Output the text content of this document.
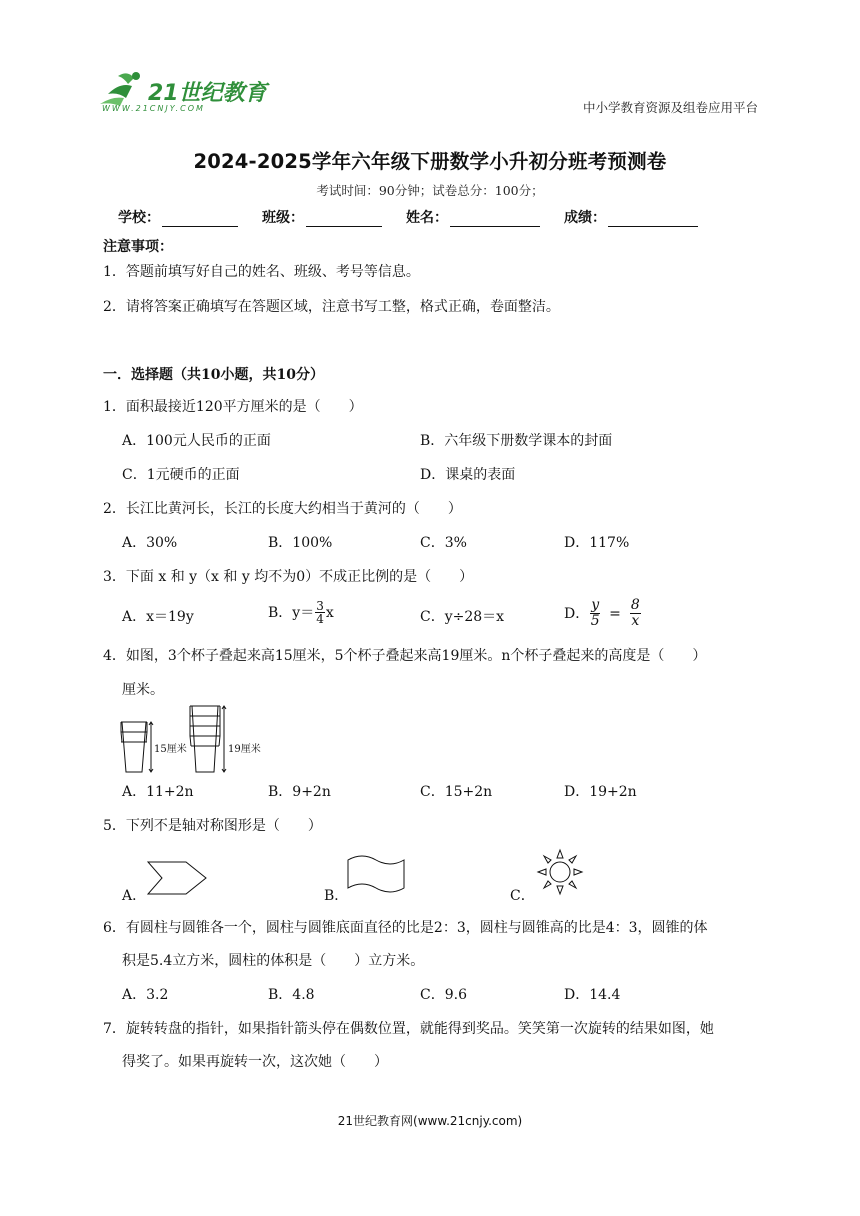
21世纪教育
WWW.21CNJY.COM	中小学教育资源及组卷应用平台
2024-2025学年六年级下册数学小升初分班考预测卷
考试时间：90分钟；试卷总分：100分；
学校：	班级：	姓名：	成绩：
注意事项：
1．答题前填写好自己的姓名、班级、考号等信息。
2．请将答案正确填写在答题区域，注意书写工整，格式正确，卷面整洁。
一．选择题（共10小题，共10分）
1．面积最接近120平方厘米的是（　　）
A．100元人民币的正面	B．六年级下册数学课本的封面
C．1元硬币的正面	D．课桌的表面
2．长江比黄河长，长江的长度大约相当于黄河的（　　）
A．30%	B．100%	C．3%	D．117%
3．下面 x 和 y（x 和 y 均不为0）不成正比例的是（　　）
A．x＝19y	B．$y= \frac{3}{4}$ x	C．y÷28＝x	D． $\frac{y}{5} = \frac{8}{x}$
4．如图，3个杯子叠起来高15厘米，5个杯子叠起来高19厘米。n个杯子叠起来的高度是（　　）
厘米。
15厘米	19厘米
A．11+2n	B．9+2n	C．15+2n	D．19+2n
5．下列不是轴对称图形是（　　）
A．	B．	C．
6．有圆柱与圆锥各一个，圆柱与圆锥底面直径的比是2：3，圆柱与圆锥高的比是4：3，圆锥的体
积是5.4立方米，圆柱的体积是（　　）立方米。
A．3.2	B．4.8	C．9.6	D．14.4
7．旋转转盘的指针，如果指针箭头停在偶数位置，就能得到奖品。笑笑第一次旋转的结果如图，她
得奖了。如果再旋转一次，这次她（　　）
21世纪教育网(www.21cnjy.com)
